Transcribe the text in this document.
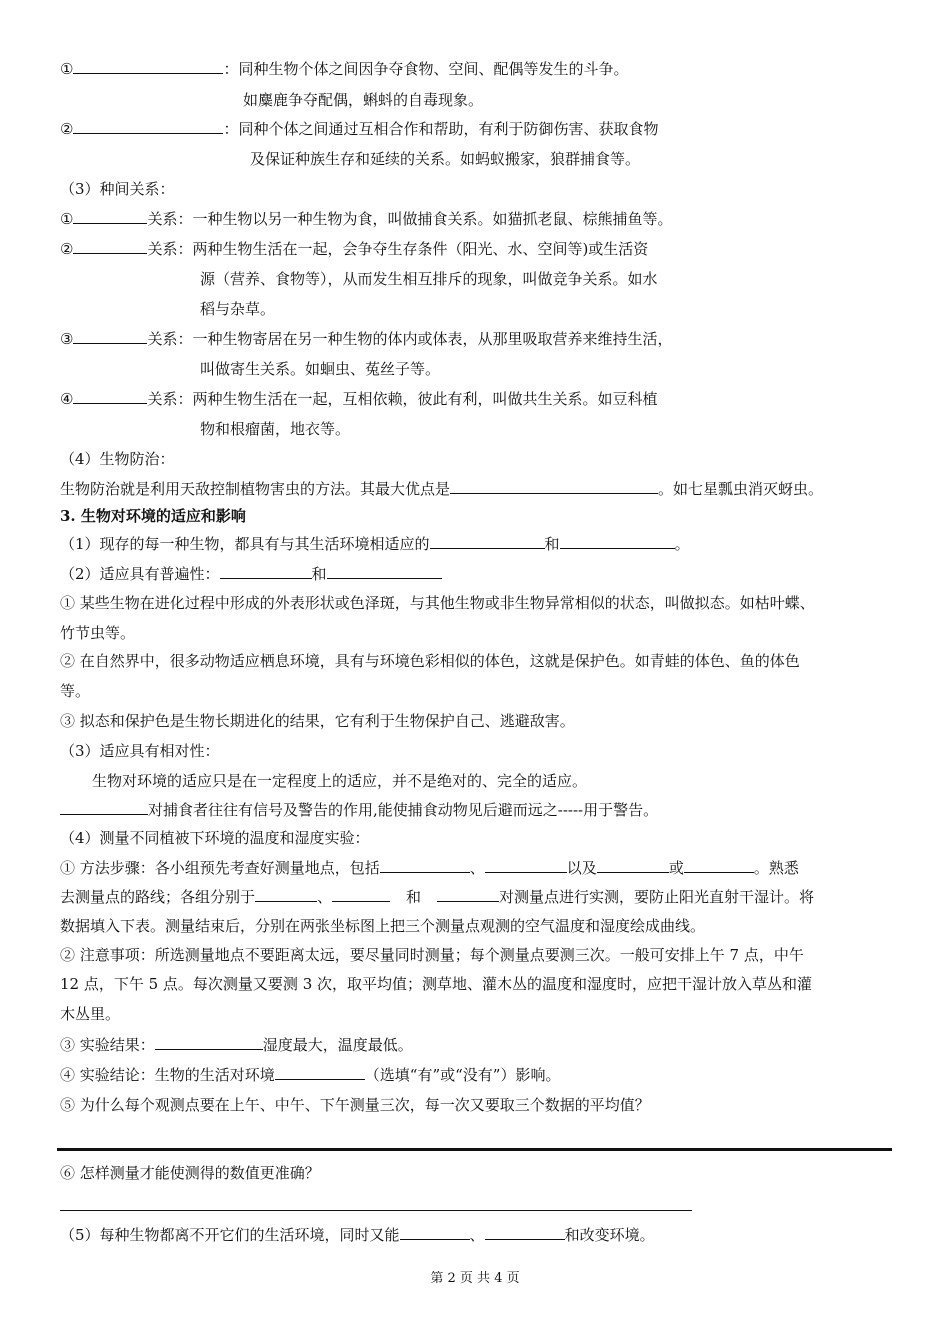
①	：同种生物个体之间因争夺食物、空间、配偶等发生的斗争。
如麋鹿争夺配偶，蝌蚪的自毒现象。
②	：同种个体之间通过互相合作和帮助，有利于防御伤害、获取食物
及保证种族生存和延续的关系。如蚂蚁搬家，狼群捕食等。
（3）种间关系：
①	关系：一种生物以另一种生物为食，叫做捕食关系。如猫抓老鼠、棕熊捕鱼等。
②	关系：两种生物生活在一起，会争夺生存条件（阳光、水、空间等)或生活资
源（营养、食物等），从而发生相互排斥的现象，叫做竞争关系。如水
稻与杂草。
③	关系：一种生物寄居在另一种生物的体内或体表，从那里吸取营养来维持生活，
叫做寄生关系。如蛔虫、菟丝子等。
④	关系：两种生物生活在一起，互相依赖，彼此有利，叫做共生关系。如豆科植
物和根瘤菌，地衣等。
（4）生物防治：
生物防治就是利用天敌控制植物害虫的方法。其最大优点是	。如七星瓢虫消灭蚜虫。
3. 生物对环境的适应和影响
（1）现存的每一种生物，都具有与其生活环境相适应的	和	。
（2）适应具有普遍性：	和
① 某些生物在进化过程中形成的外表形状或色泽斑，与其他生物或非生物异常相似的状态，叫做拟态。如枯叶蝶、
竹节虫等。
② 在自然界中，很多动物适应栖息环境，具有与环境色彩相似的体色，这就是保护色。如青蛙的体色、鱼的体色
等。
③ 拟态和保护色是生物长期进化的结果，它有利于生物保护自己、逃避敌害。
（3）适应具有相对性：
生物对环境的适应只是在一定程度上的适应，并不是绝对的、完全的适应。
对捕食者往往有信号及警告的作用,能使捕食动物见后避而远之-----用于警告。
（4）测量不同植被下环境的温度和湿度实验：
① 方法步骤：各小组预先考查好测量地点，包括	、	以及	或	。熟悉
去测量点的路线；各组分别于	、	和	对测量点进行实测，要防止阳光直射干湿计。将
数据填入下表。测量结束后，分别在两张坐标图上把三个测量点观测的空气温度和湿度绘成曲线。
② 注意事项：所选测量地点不要距离太远，要尽量同时测量；每个测量点要测三次。一般可安排上午 7 点，中午
12 点，下午 5 点。每次测量又要测 3 次，取平均值；测草地、灌木丛的温度和湿度时，应把干湿计放入草丛和灌
木丛里。
③ 实验结果：	湿度最大，温度最低。
④ 实验结论：生物的生活对环境	（选填“有”或“没有”）影响。
⑤ 为什么每个观测点要在上午、中午、下午测量三次，每一次又要取三个数据的平均值？
⑥ 怎样测量才能使测得的数值更准确？
（5）每种生物都离不开它们的生活环境，同时又能	、	和改变环境。
第 2 页 共 4 页
